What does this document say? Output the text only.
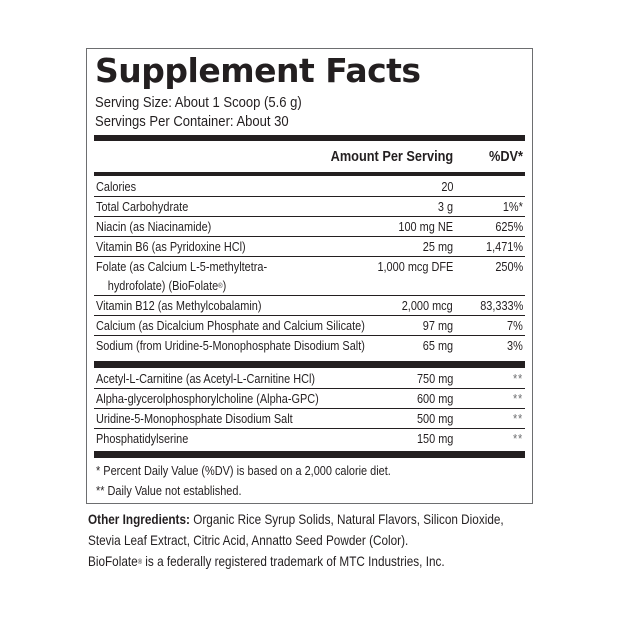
Supplement Facts
Serving Size: About 1 Scoop (5.6 g)
Servings Per Container: About 30
Amount Per Serving %DV*
Calories	20
Total Carbohydrate	3 g	1%*
Niacin (as Niacinamide)	100 mg NE	625%
Vitamin B6 (as Pyridoxine HCl)	25 mg	1,471%
Folate (as Calcium L-5-methyltetra-
hydrofolate) (BioFolate®)
1,000 mcg DFE	250%
Vitamin B12 (as Methylcobalamin)	2,000 mcg 83,333%
Calcium (as Dicalcium Phosphate and Calcium Silicate)	97 mg	7%
Sodium (from Uridine-5-Monophosphate Disodium Salt)	65 mg	3%
Acetyl-L-Carnitine (as Acetyl-L-Carnitine HCl)	750 mg	**
Alpha-glycerolphosphorylcholine (Alpha-GPC)	600 mg	**
Uridine-5-Monophosphate Disodium Salt	500 mg	**
Phosphatidylserine	150 mg	**
* Percent Daily Value (%DV) is based on a 2,000 calorie diet.
** Daily Value not established.

Other Ingredients: Organic Rice Syrup Solids, Natural Flavors, Silicon Dioxide, Stevia Leaf Extract, Citric Acid, Annatto Seed Powder (Color).

BioFolate® is a federally registered trademark of MTC Industries, Inc.
